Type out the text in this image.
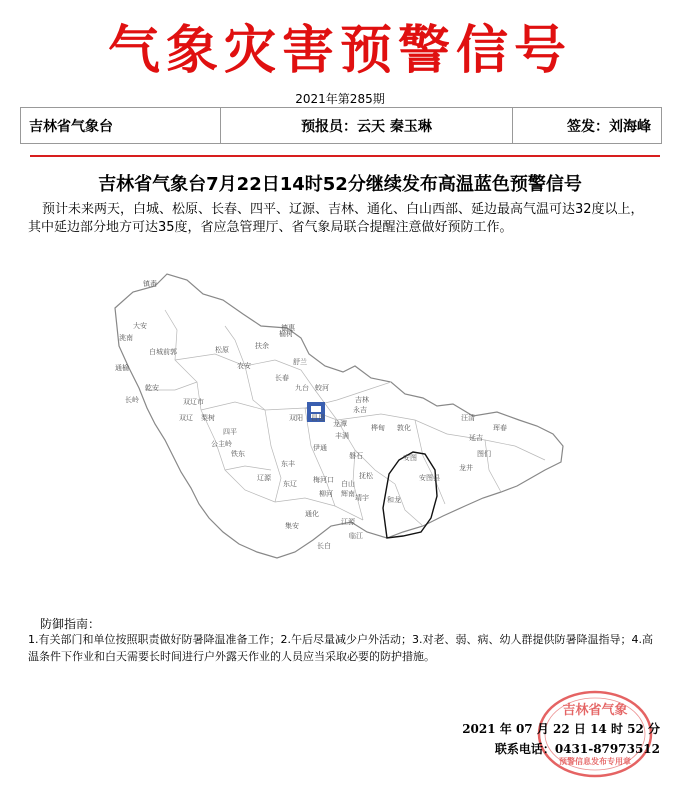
气象灾害预警信号
2021年第285期
吉林省气象台	预报员：云天 秦玉琳	签发：刘海峰
吉林省气象台7月22日14时52分继续发布高温蓝色预警信号
预计未来两天，白城、松原、长春、四平、辽源、吉林、通化、白山西部、延边最高气温可达32度以上，其中延边部分地方可达35度，省应急管理厅、省气象局联合提醒注意做好预防工作。
镇赉
大安
洮南
通榆
白城 前郭
乾安
长岭
松原	扶余
榆树
舒兰
蛟河
敦化
安图
和龙
汪清
珲春
图们
延吉
龙井
长春
德惠
农安
九台
吉林
永吉
桦甸
磐石
伊通
双辽 梨树
四平
公主岭
东丰
辽源
东辽 梅河口
柳河 辉南 靖宇
抚松
江源
临江
长白
集安
通化
白山
双阳
双辽市
铁东
昌邑
龙潭
丰满
安图县
防御指南：
1.有关部门和单位按照职责做好防暑降温准备工作；2.午后尽量减少户外活动；3.对老、弱、病、幼人群提供防暑降温指导；4.高温条件下作业和白天需要长时间进行户外露天作业的人员应当采取必要的防护措施。
吉林省气象
预警信息发布专用章
2021 年 07 月 22 日 14 时 52 分
联系电话：0431-87973512
